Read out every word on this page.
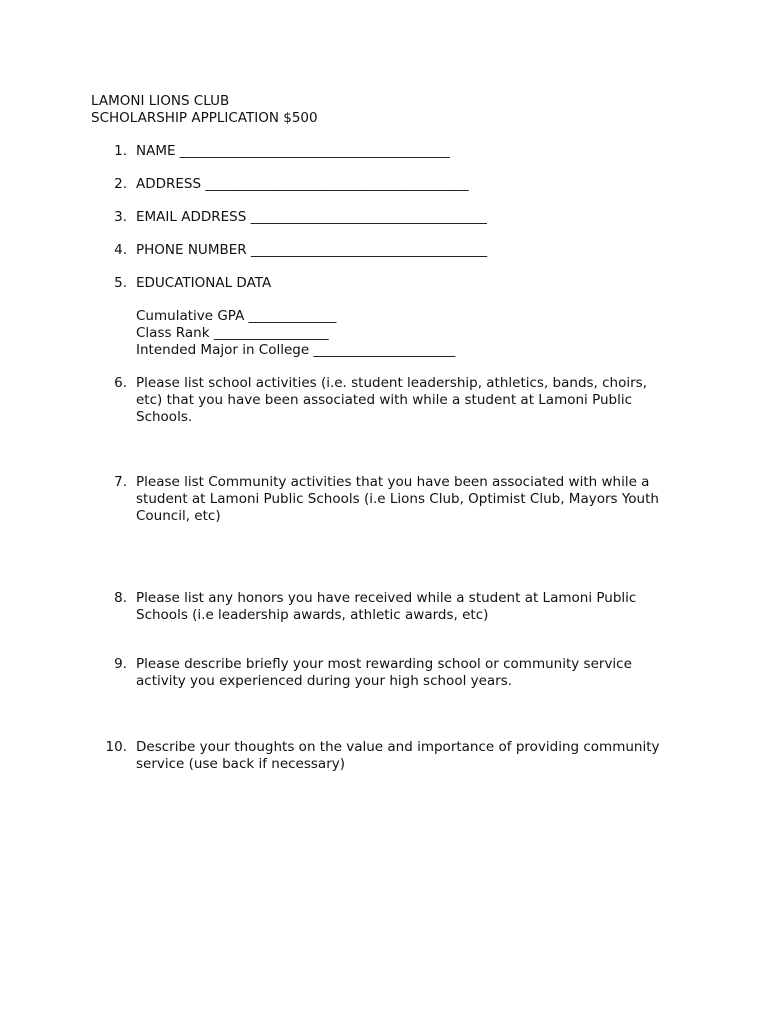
LAMONI LIONS CLUB
SCHOLARSHIP APPLICATION $500
1. NAME ________________________________________
2. ADDRESS _______________________________________
3. EMAIL ADDRESS ___________________________________
4. PHONE NUMBER ___________________________________
5. EDUCATIONAL DATA
Cumulative GPA _____________
Class Rank _________________
Intended Major in College _____________________
6. Please list school activities (i.e. student leadership, athletics, bands, choirs,
etc) that you have been associated with while a student at Lamoni Public
Schools.
7. Please list Community activities that you have been associated with while a
student at Lamoni Public Schools (i.e Lions Club, Optimist Club, Mayors Youth
Council, etc)
8. Please list any honors you have received while a student at Lamoni Public
Schools (i.e leadership awards, athletic awards, etc)
9. Please describe briefly your most rewarding school or community service
activity you experienced during your high school years.
10. Describe your thoughts on the value and importance of providing community
service (use back if necessary)
